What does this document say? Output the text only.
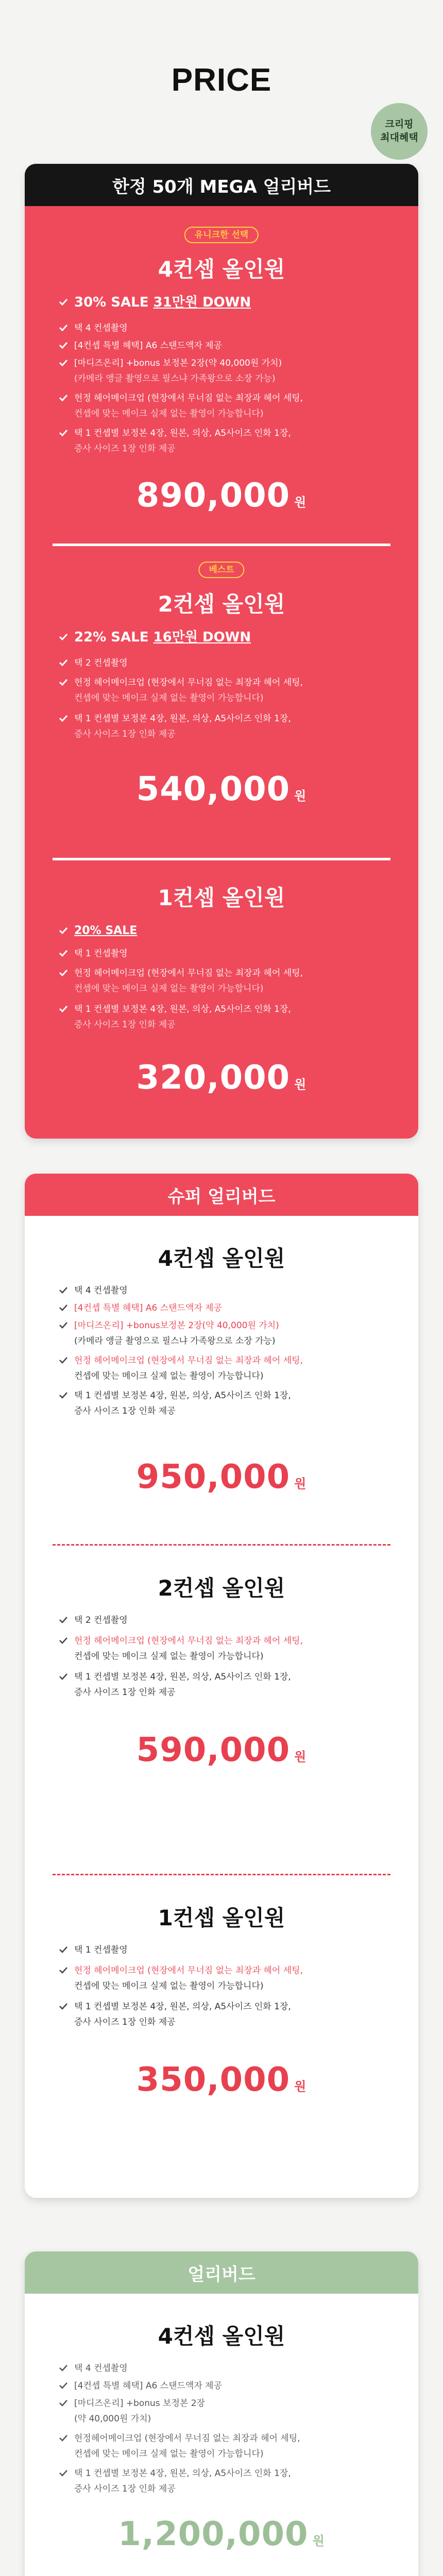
PRICE
크리핑
최대혜택
한정 50개 MEGA 얼리버드
유니크한 선택
4컨셉 올인원
30% SALE 31만원 DOWN
택 4 컨셉촬영
[4컨셉 특별 혜택] A6 스탠드액자 제공
[마디즈온리] +bonus 보정본 2장(약 40,000원 가치)
(카메라 앵글 촬영으로 필스냐 가족왕으로 소장 가능)
헌정 헤어메이크업 (현장에서 무너짐 없는 최장과 헤어 세팅,
컨셉에 맞는 메이크 실제 없는 촬영이 가능합니다)
택 1 컨셉별 보정본 4장, 원본, 의상, A5사이즈 인화 1장,
증사 사이즈 1장 인화 제공
890,000 원
베스트
2컨셉 올인원
22% SALE 16만원 DOWN
택 2 컨셉촬영
헌정 헤어메이크업 (현장에서 무너짐 없는 최장과 헤어 세팅,
컨셉에 맞는 메이크 실제 없는 촬영이 가능합니다)
택 1 컨셉별 보정본 4장, 원본, 의상, A5사이즈 인화 1장,
증사 사이즈 1장 인화 제공
540,000 원
1컨셉 올인원
20% SALE
택 1 컨셉촬영
헌정 헤어메이크업 (현장에서 무너짐 없는 최장과 헤어 세팅,
컨셉에 맞는 메이크 실제 없는 촬영이 가능합니다)
택 1 컨셉별 보정본 4장, 원본, 의상, A5사이즈 인화 1장,
증사 사이즈 1장 인화 제공
320,000 원
슈퍼 얼리버드
4컨셉 올인원
택 4 컨셉촬영
[4컨셉 특별 혜택] A6 스탠드액자 제공
[마디즈온리] +bonus보정본 2장(약 40,000원 가치)
(카메라 앵글 촬영으로 필스냐 가족왕으로 소장 가능)
헌정 헤어메이크업 (현장에서 무너짐 없는 최장과 헤어 세팅,
컨셉에 맞는 메이크 실제 없는 촬영이 가능합니다)
택 1 컨셉별 보정본 4장, 원본, 의상, A5사이즈 인화 1장,
증사 사이즈 1장 인화 제공
950,000 원
2컨셉 올인원
택 2 컨셉촬영
헌정 헤어메이크업 (현장에서 무너짐 없는 최장과 헤어 세팅,
컨셉에 맞는 메이크 실제 없는 촬영이 가능합니다)
택 1 컨셉별 보정본 4장, 원본, 의상, A5사이즈 인화 1장,
증사 사이즈 1장 인화 제공
590,000 원
1컨셉 올인원
택 1 컨셉촬영
헌정 헤어메이크업 (현장에서 무너짐 없는 최장과 헤어 세팅,
컨셉에 맞는 메이크 실제 없는 촬영이 가능합니다)
택 1 컨셉별 보정본 4장, 원본, 의상, A5사이즈 인화 1장,
증사 사이즈 1장 인화 제공
350,000 원
얼리버드
4컨셉 올인원
택 4 컨셉촬영
[4컨셉 특별 혜택] A6 스탠드액자 제공
[마디즈온리] +bonus 보정본 2장
(약 40,000원 가치)
헌정헤어메이크업 (현장에서 무너짐 없는 최장과 헤어 세팅,
컨셉에 맞는 메이크 실제 없는 촬영이 가능합니다)
택 1 컨셉별 보정본 4장, 원본, 의상, A5사이즈 인화 1장,
증사 사이즈 1장 인화 제공
1,200,000 원
